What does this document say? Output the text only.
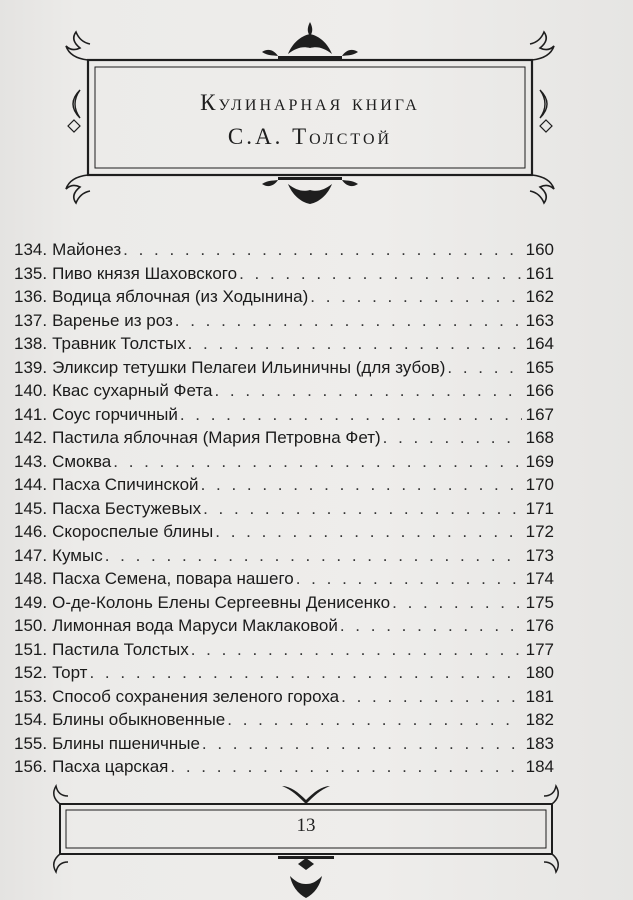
Кулинарная книга
С.А. Толстой
134. Майонез . . .	160
135. Пиво князя Шаховского . . .	161
136. Водица яблочная (из Ходынина) . . .	162
137. Варенье из роз . . .	163
138. Травник Толстых . . .	164
139. Эликсир тетушки Пелагеи Ильиничны (для зубов) . . .	165
140. Квас сухарный Фета . . .	166
141. Соус горчичный . . .	167
142. Пастила яблочная (Мария Петровна Фет) . . .	168
143. Смоква . . .	169
144. Пасха Спичинской . . .	170
145. Пасха Бестужевых . . .	171
146. Скороспелые блины . . .	172
147. Кумыс . . .	173
148. Пасха Семена, повара нашего . . .	174
149. О-де-Колонь Елены Сергеевны Денисенко . . .	175
150. Лимонная вода Маруси Маклаковой . . .	176
151. Пастила Толстых . . .	177
152. Торт . . .	180
153. Способ сохранения зеленого гороха . . .	181
154. Блины обыкновенные . . .	182
155. Блины пшеничные . . .	183
156. Пасха царская . . .	184
13
